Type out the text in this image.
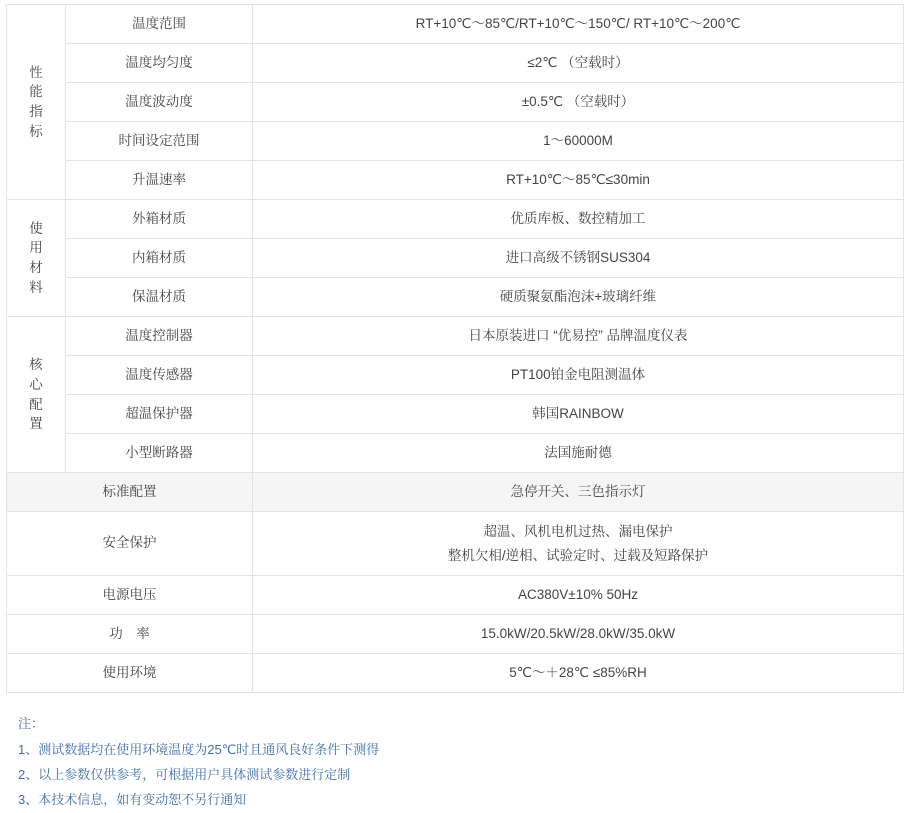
性能指标	温度范围	RT+10℃～85℃/RT+10℃～150℃/ RT+10℃～200℃
	温度均匀度	≤2℃ （空载时）
	温度波动度	±0.5℃ （空载时）
	时间设定范围	1～60000M
	升温速率	RT+10℃～85℃≤30min

使用材料	外箱材质	优质库板、数控精加工
	内箱材质	进口高级不锈钢SUS304
	保温材质	硬质聚氨酯泡沫+玻璃纤维

核心配置	温度控制器	日本原装进口 “优易控” 品牌温度仪表
	温度传感器	PT100铂金电阻测温体
	超温保护器	韩国RAINBOW
	小型断路器	法国施耐德
标准配置		急停开关、三色指示灯
安全保护		超温、风机电机过热、漏电保护
整机欠相/逆相、试验定时、过载及短路保护

电源电压		AC380V±10% 50Hz
功　率		15.0kW/20.5kW/28.0kW/35.0kW
使用环境		5℃～＋28℃ ≤85%RH
注：
1、测试数据均在使用环境温度为25℃时且通风良好条件下测得
2、以上参数仅供参考，可根据用户具体测试参数进行定制
3、本技术信息，如有变动恕不另行通知
